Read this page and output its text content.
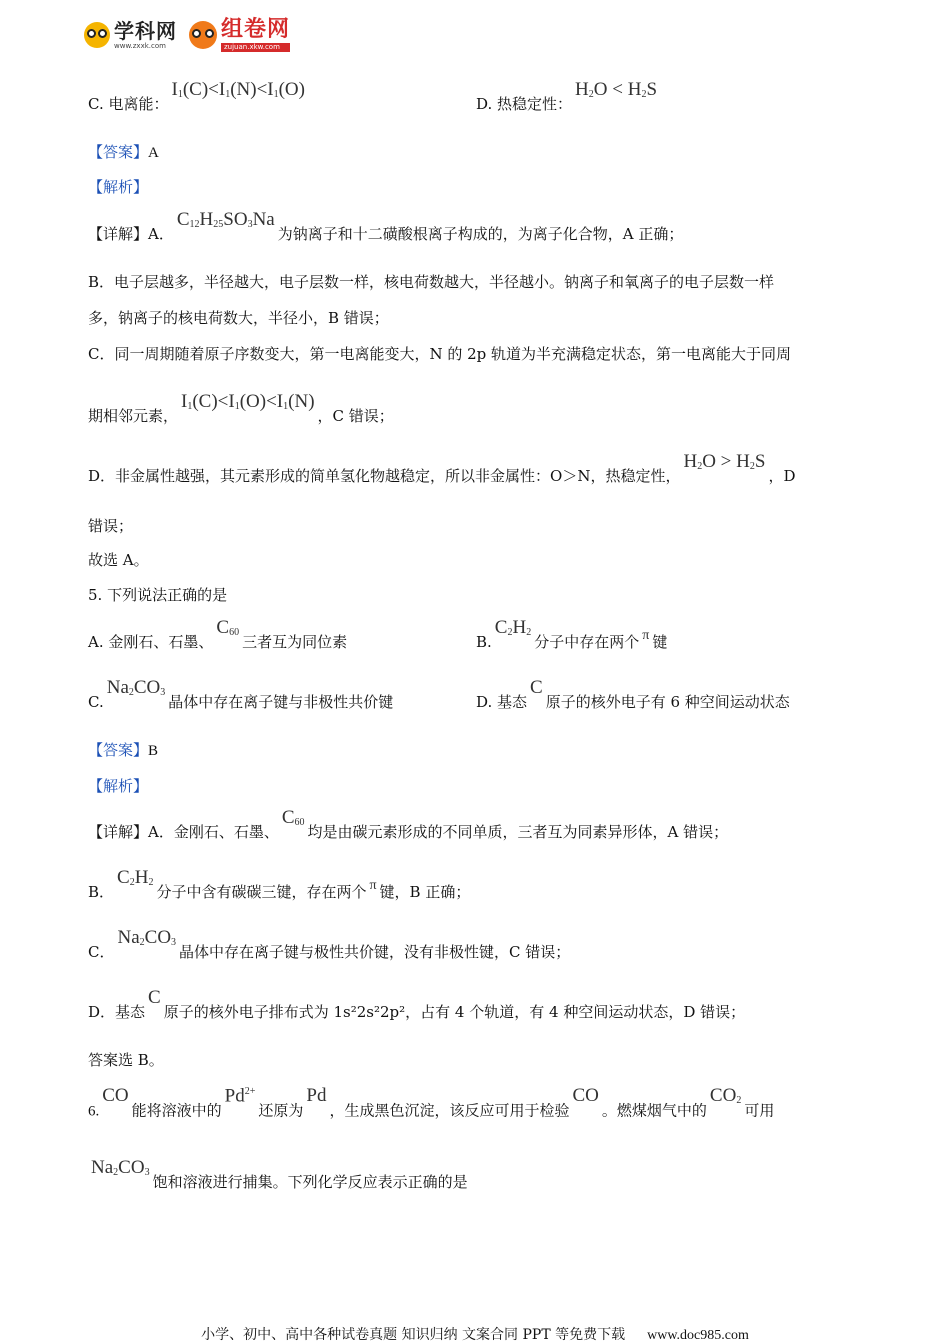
学科网
www.zxxk.com
组卷网
zujuan.xkw.com
C. 电离能：$I_1(C)<I_1(N)<I_1(O)$
D. 热稳定性：$H_2O < H_2S$
【答案】A
【解析】
【详解】A．$C_{12}H_{25}SO_3Na$为钠离子和十二磺酸根离子构成的，为离子化合物，A 正确；
B．电子层越多，半径越大，电子层数一样，核电荷数越大，半径越小。钠离子和氧离子的电子层数一样
多，钠离子的核电荷数大，半径小，B 错误；
C．同一周期随着原子序数变大，第一电离能变大，N 的 2p 轨道为半充满稳定状态，第一电离能大于同周
期相邻元素，$I_1(C)<I_1(O)<I_1(N)$，C 错误；
D．非金属性越强，其元素形成的简单氢化物越稳定，所以非金属性：O＞N，热稳定性，$H_2O > H_2S$，D
错误；
故选 A。
5. 下列说法正确的是
A. 金刚石、石墨、$C_{60}$三者互为同位素	$B.C_2H_2$分子中存在两个 π 键
$C.Na_2CO_3$晶体中存在离子键与非极性共价键	D. 基态C原子的核外电子有 6 种空间运动状态
【答案】B
【解析】
【详解】A．金刚石、石墨、$C_{60}$均是由碳元素形成的不同单质，三者互为同素异形体，A 错误；
B．$C_2H_2$分子中含有碳碳三键，存在两个 π 键，B 正确；
C．$Na_2CO_3$晶体中存在离子键与极性共价键，没有非极性键，C 错误；
D．基态C原子的核外电子排布式为 1s²2s²2p²，占有 4 个轨道，有 4 种空间运动状态，D 错误；
答案选 B。
6.CO能将溶液中的$Pd^{2+}$还原为Pd，生成黑色沉淀，该反应可用于检验CO。燃煤烟气中的$CO_2$可用
$Na_2CO_3$饱和溶液进行捕集。下列化学反应表示正确的是
小学、初中、高中各种试卷真题 知识归纳 文案合同 PPT 等免费下载 www.doc985.com
